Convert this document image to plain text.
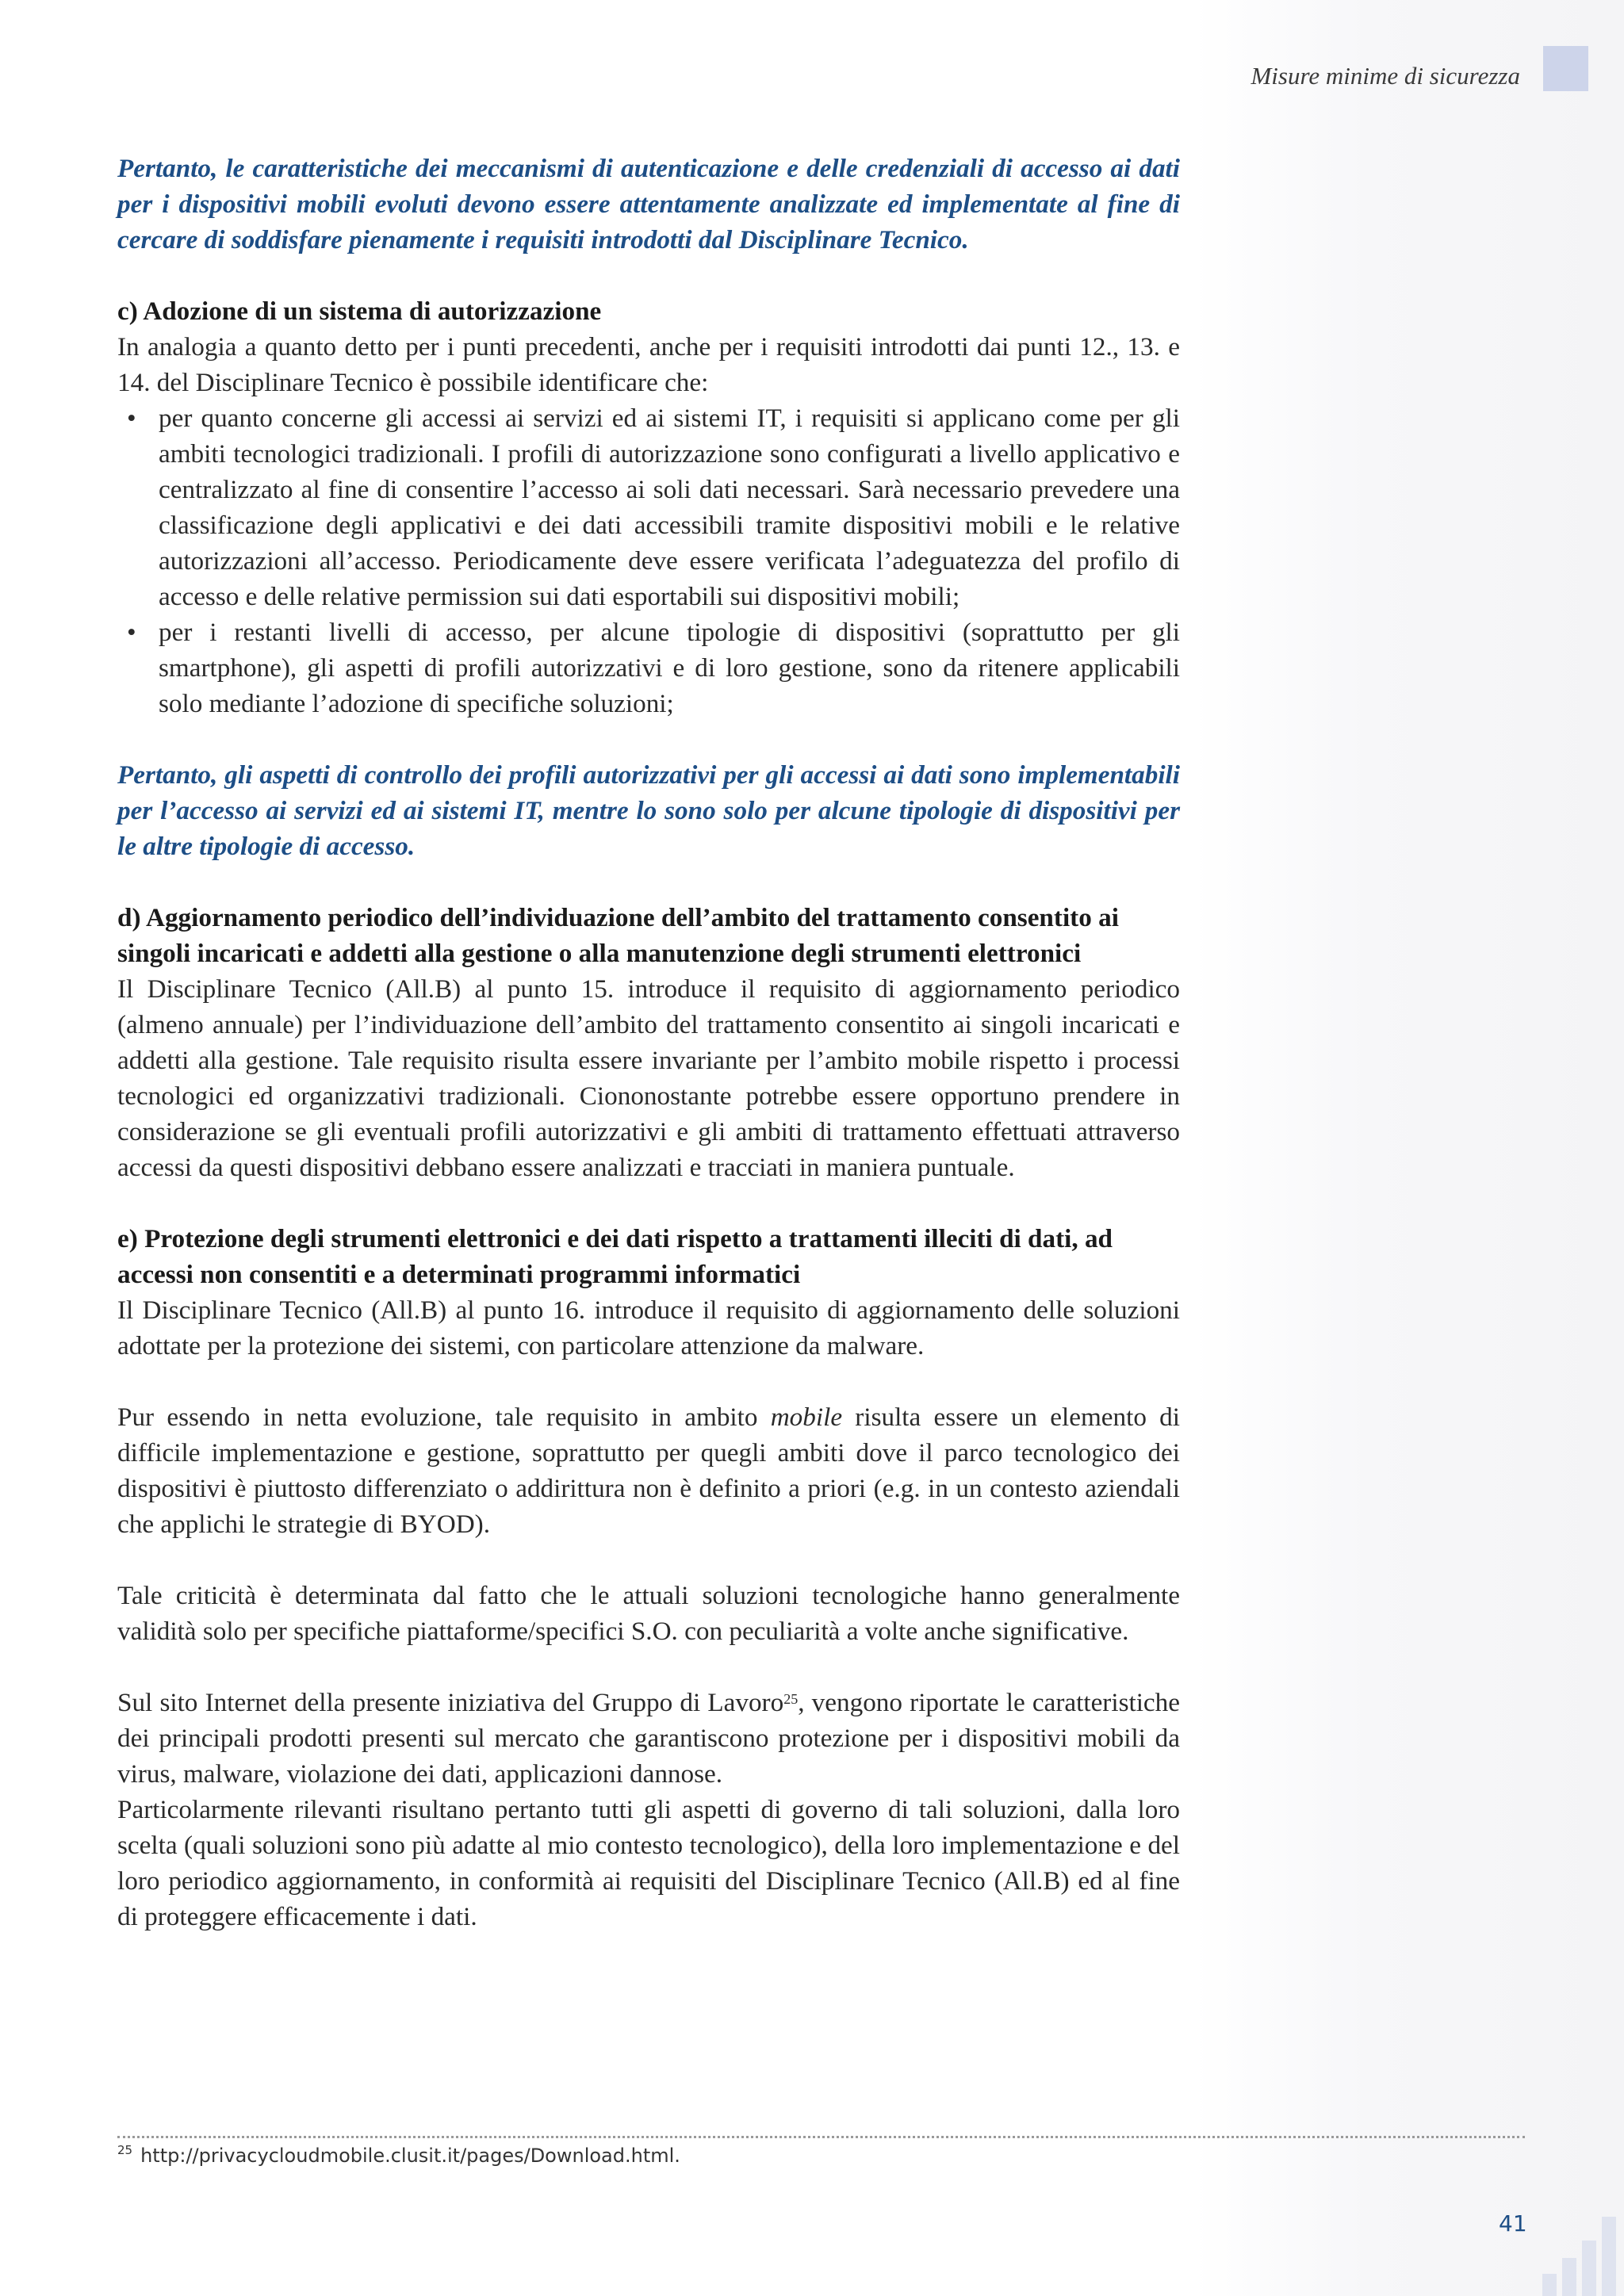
Misure minime di sicurezza

Pertanto, le caratteristiche dei meccanismi di autenticazione e delle credenziali di accesso ai dati per i dispositivi mobili evoluti devono essere attentamente analizzate ed implementate al fine di cercare di soddisfare pienamente i requisiti introdotti dal Disciplinare Tecnico.

c) Adozione di un sistema di autorizzazione

In analogia a quanto detto per i punti precedenti, anche per i requisiti introdotti dai punti 12., 13. e 14. del Disciplinare Tecnico è possibile identificare che:

• per quanto concerne gli accessi ai servizi ed ai sistemi IT, i requisiti si applicano come per gli ambiti tecnologici tradizionali. I profili di autorizzazione sono configurati a livello applicativo e centralizzato al fine di consentire l’accesso ai soli dati necessari. Sarà necessario prevedere una classificazione degli applicativi e dei dati accessibili tramite dispositivi mobili e le relative autorizzazioni all’accesso. Periodicamente deve essere verificata l’adeguatezza del profilo di accesso e delle relative permission sui dati esportabili sui dispositivi mobili;
• per i restanti livelli di accesso, per alcune tipologie di dispositivi (soprattutto per gli smartphone), gli aspetti di profili autorizzativi e di loro gestione, sono da ritenere applicabili solo mediante l’adozione di specifiche soluzioni;

Pertanto, gli aspetti di controllo dei profili autorizzativi per gli accessi ai dati sono implementabili per l’accesso ai servizi ed ai sistemi IT, mentre lo sono solo per alcune tipologie di dispositivi per le altre tipologie di accesso.

d) Aggiornamento periodico dell’individuazione dell’ambito del trattamento consentito ai singoli incaricati e addetti alla gestione o alla manutenzione degli strumenti elettronici

Il Disciplinare Tecnico (All.B) al punto 15. introduce il requisito di aggiornamento periodico (almeno annuale) per l’individuazione dell’ambito del trattamento consentito ai singoli incaricati e addetti alla gestione. Tale requisito risulta essere invariante per l’ambito mobile rispetto i processi tecnologici ed organizzativi tradizionali. Ciononostante potrebbe essere opportuno prendere in considerazione se gli eventuali profili autorizzativi e gli ambiti di trattamento effettuati attraverso accessi da questi dispositivi debbano essere analizzati e tracciati in maniera puntuale.

e) Protezione degli strumenti elettronici e dei dati rispetto a trattamenti illeciti di dati, ad accessi non consentiti e a determinati programmi informatici

Il Disciplinare Tecnico (All.B) al punto 16. introduce il requisito di aggiornamento delle soluzioni adottate per la protezione dei sistemi, con particolare attenzione da malware.

Pur essendo in netta evoluzione, tale requisito in ambito mobile risulta essere un elemento di difficile implementazione e gestione, soprattutto per quegli ambiti dove il parco tecnologico dei dispositivi è piuttosto differenziato o addirittura non è definito a priori (e.g. in un contesto aziendali che applichi le strategie di BYOD).

Tale criticità è determinata dal fatto che le attuali soluzioni tecnologiche hanno generalmente validità solo per specifiche piattaforme/specifici S.O. con peculiarità a volte anche significative.

Sul sito Internet della presente iniziativa del Gruppo di Lavoro$^{25}$, vengono riportate le caratteristiche dei principali prodotti presenti sul mercato che garantiscono protezione per i dispositivi mobili da virus, malware, violazione dei dati, applicazioni dannose.

Particolarmente rilevanti risultano pertanto tutti gli aspetti di governo di tali soluzioni, dalla loro scelta (quali soluzioni sono più adatte al mio contesto tecnologico), della loro implementazione e del loro periodico aggiornamento, in conformità ai requisiti del Disciplinare Tecnico (All.B) ed al fine di proteggere efficacemente i dati.

$^{25}$ http://privacycloudmobile.clusit.it/pages/Download.html.
41
